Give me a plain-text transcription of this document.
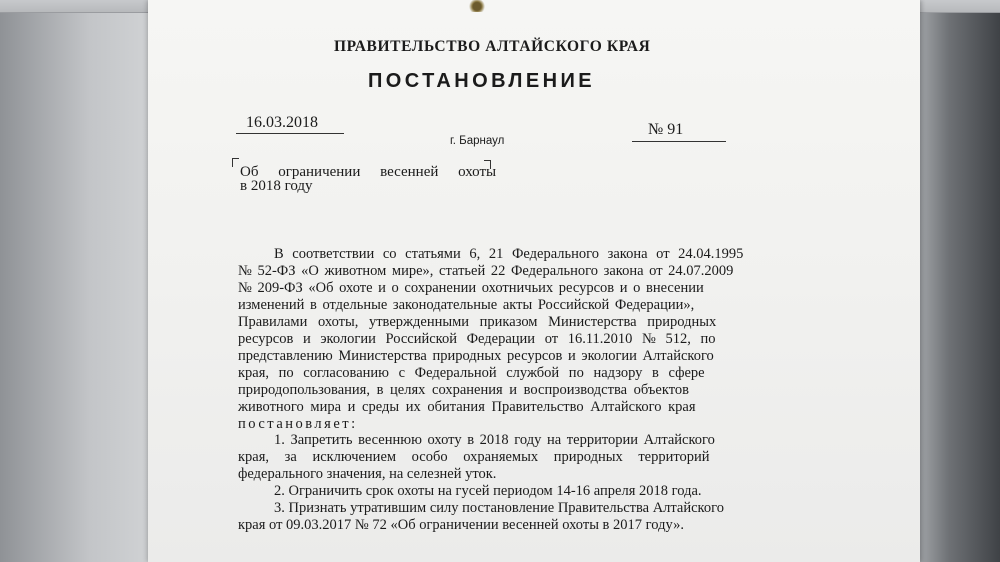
ПРАВИТЕЛЬСТВО АЛТАЙСКОГО КРАЯ
ПОСТАНОВЛЕНИЕ
16.03.2018
г. Барнаул
№ 91
Об ограничении весенней охоты
в 2018 году
В соответствии со статьями 6, 21 Федерального закона от 24.04.1995
№ 52-ФЗ «О животном мире», статьей 22 Федерального закона от 24.07.2009
№ 209-ФЗ «Об охоте и о сохранении охотничьих ресурсов и о внесении
изменений в отдельные законодательные акты Российской Федерации»,
Правилами охоты, утвержденными приказом Министерства природных
ресурсов и экологии Российской Федерации от 16.11.2010 № 512, по
представлению Министерства природных ресурсов и экологии Алтайского
края, по согласованию с Федеральной службой по надзору в сфере
природопользования, в целях сохранения и воспроизводства объектов
животного мира и среды их обитания Правительство Алтайского края
постановляет:
1. Запретить весеннюю охоту в 2018 году на территории Алтайского
края, за исключением особо охраняемых природных территорий
федерального значения, на селезней уток.
2. Ограничить срок охоты на гусей периодом 14-16 апреля 2018 года.
3. Признать утратившим силу постановление Правительства Алтайского
края от 09.03.2017 № 72 «Об ограничении весенней охоты в 2017 году».
